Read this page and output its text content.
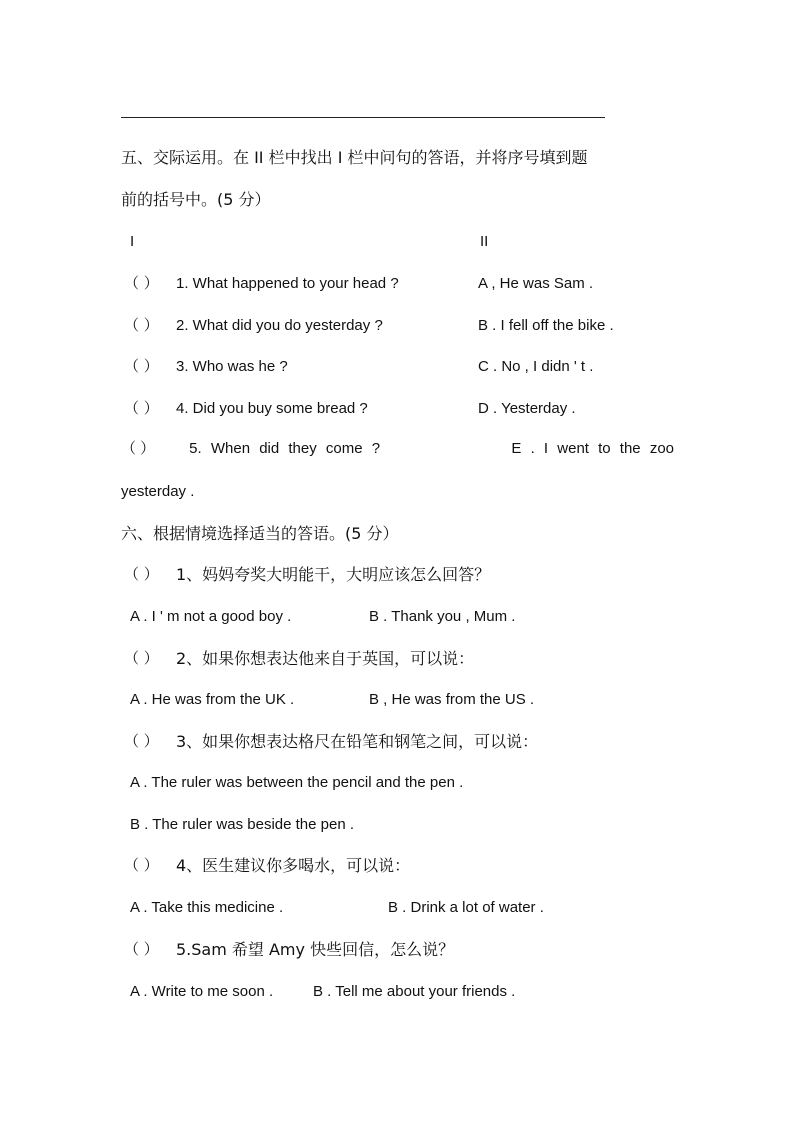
五、交际运用。在 II 栏中找出 I 栏中问句的答语，并将序号填到题
前的括号中。(5 分）
I	II
（ ） 1. What happened to your head ?	A , He was Sam .
（ ） 2. What did you do yesterday ?	B . I fell off the bike .
（ ） 3. Who was he ?	C . No , I didn ' t .
（ ） 4. Did you buy some bread ?	D . Yesterday .
（ ） 5. When did they come ?	E . I went to the zoo
yesterday .
六、根据情境选择适当的答语。(5 分）
（ ） 1、妈妈夸奖大明能干，大明应该怎么回答？
A . I ' m not a good boy .	B . Thank you , Mum .
（ ） 2、如果你想表达他来自于英国，可以说：
A . He was from the UK .	B , He was from the US .
（ ） 3、如果你想表达格尺在铅笔和钢笔之间，可以说：
A . The ruler was between the pencil and the pen .
B . The ruler was beside the pen .
（ ） 4、医生建议你多喝水，可以说：
A . Take this medicine .	B . Drink a lot of water .
（ ） 5.Sam 希望 Amy 快些回信，怎么说？
A . Write to me soon .	B . Tell me about your friends .
